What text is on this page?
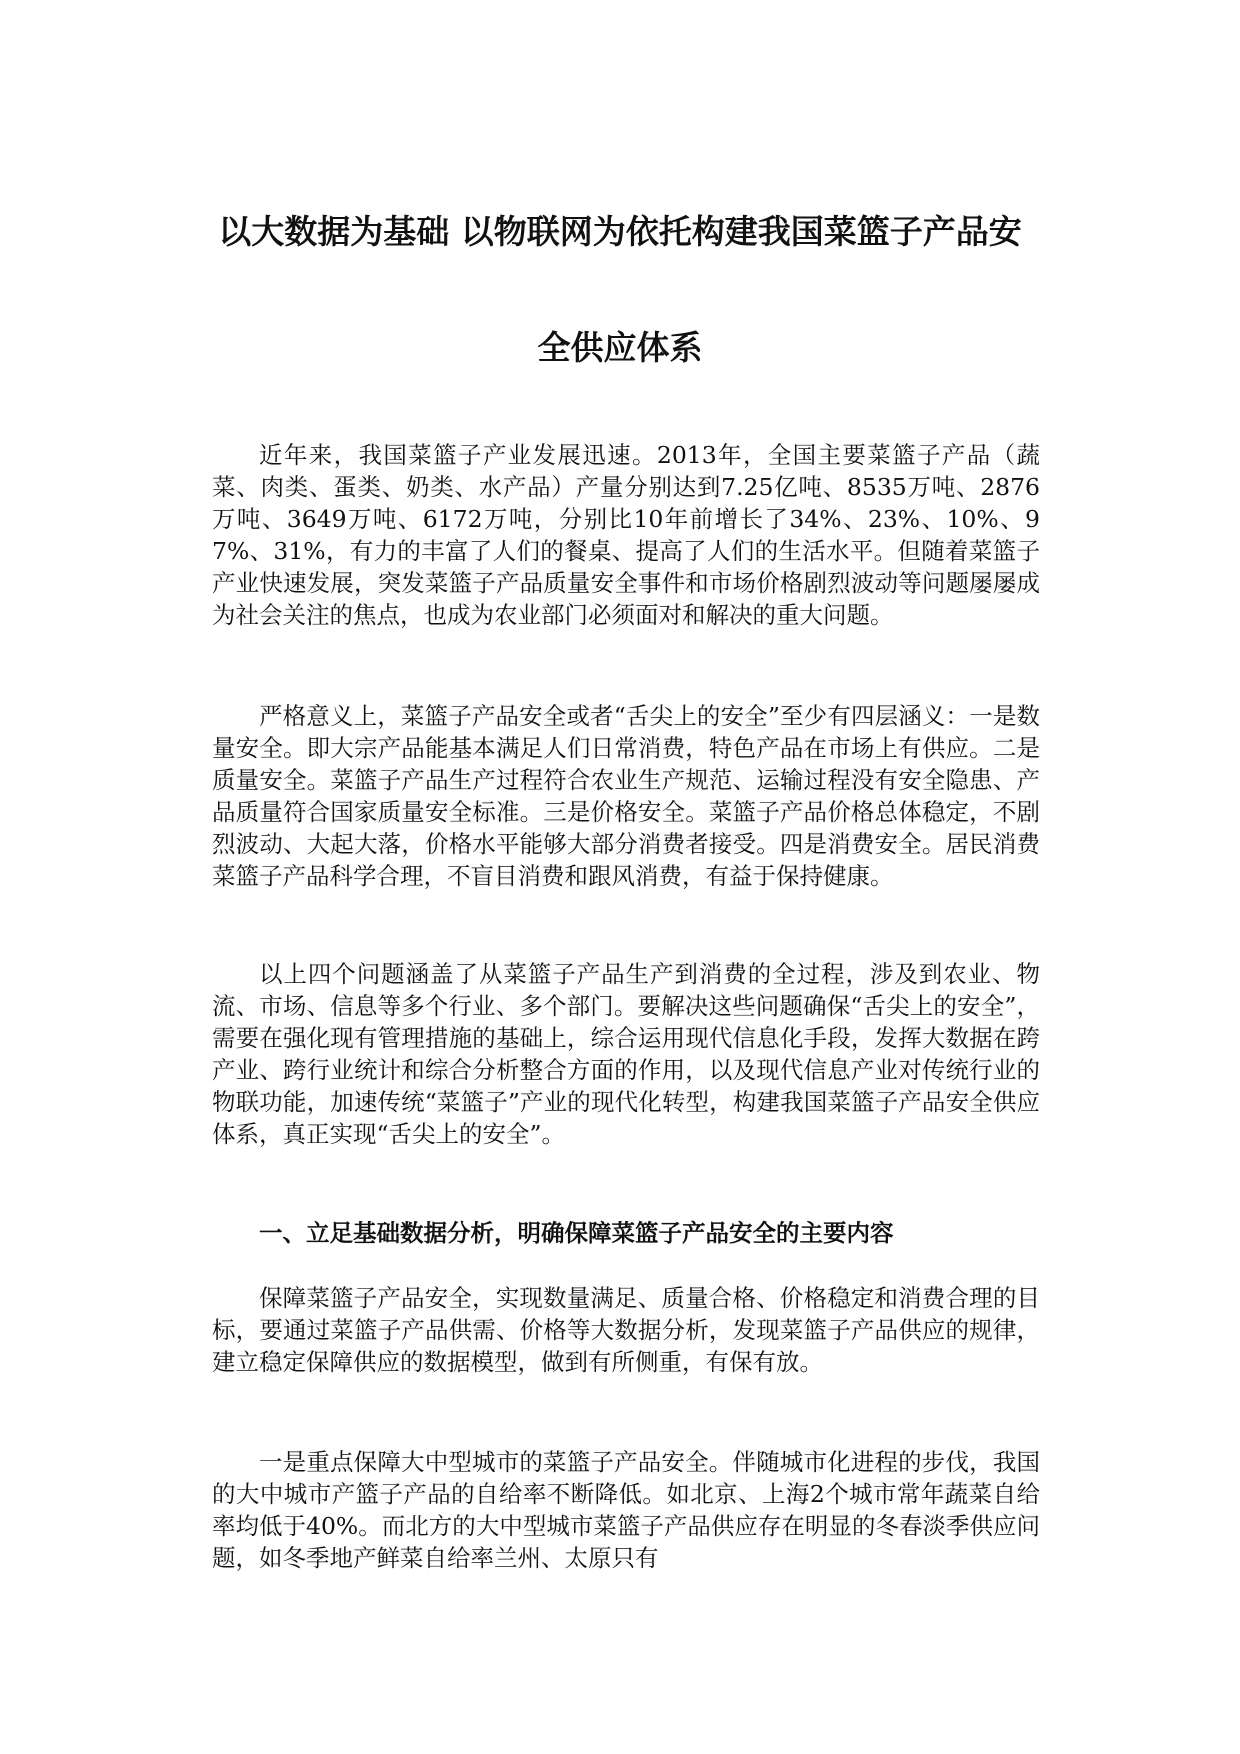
以大数据为基础 以物联网为依托构建我国菜篮子产品安
全供应体系

近年来，我国菜篮子产业发展迅速。2013年，全国主要菜篮子产品（蔬菜、肉类、蛋类、奶类、水产品）产量分别达到7.25亿吨、8535万吨、2876万吨、3649万吨、6172万吨，分别比10年前增长了34%、23%、10%、97%、31%，有力的丰富了人们的餐桌、提高了人们的生活水平。但随着菜篮子产业快速发展，突发菜篮子产品质量安全事件和市场价格剧烈波动等问题屡屡成为社会关注的焦点，也成为农业部门必须面对和解决的重大问题。

严格意义上，菜篮子产品安全或者“舌尖上的安全”至少有四层涵义：一是数量安全。即大宗产品能基本满足人们日常消费，特色产品在市场上有供应。二是质量安全。菜篮子产品生产过程符合农业生产规范、运输过程没有安全隐患、产品质量符合国家质量安全标准。三是价格安全。菜篮子产品价格总体稳定，不剧烈波动、大起大落，价格水平能够大部分消费者接受。四是消费安全。居民消费菜篮子产品科学合理，不盲目消费和跟风消费，有益于保持健康。

以上四个问题涵盖了从菜篮子产品生产到消费的全过程，涉及到农业、物流、市场、信息等多个行业、多个部门。要解决这些问题确保“舌尖上的安全”，需要在强化现有管理措施的基础上，综合运用现代信息化手段，发挥大数据在跨产业、跨行业统计和综合分析整合方面的作用，以及现代信息产业对传统行业的物联功能，加速传统“菜篮子”产业的现代化转型，构建我国菜篮子产品安全供应体系，真正实现“舌尖上的安全”。

一、立足基础数据分析，明确保障菜篮子产品安全的主要内容

保障菜篮子产品安全，实现数量满足、质量合格、价格稳定和消费合理的目标，要通过菜篮子产品供需、价格等大数据分析，发现菜篮子产品供应的规律，建立稳定保障供应的数据模型，做到有所侧重，有保有放。

一是重点保障大中型城市的菜篮子产品安全。伴随城市化进程的步伐，我国的大中城市产篮子产品的自给率不断降低。如北京、上海2个城市常年蔬菜自给率均低于40%。而北方的大中型城市菜篮子产品供应存在明显的冬春淡季供应问题，如冬季地产鲜菜自给率兰州、太原只有
